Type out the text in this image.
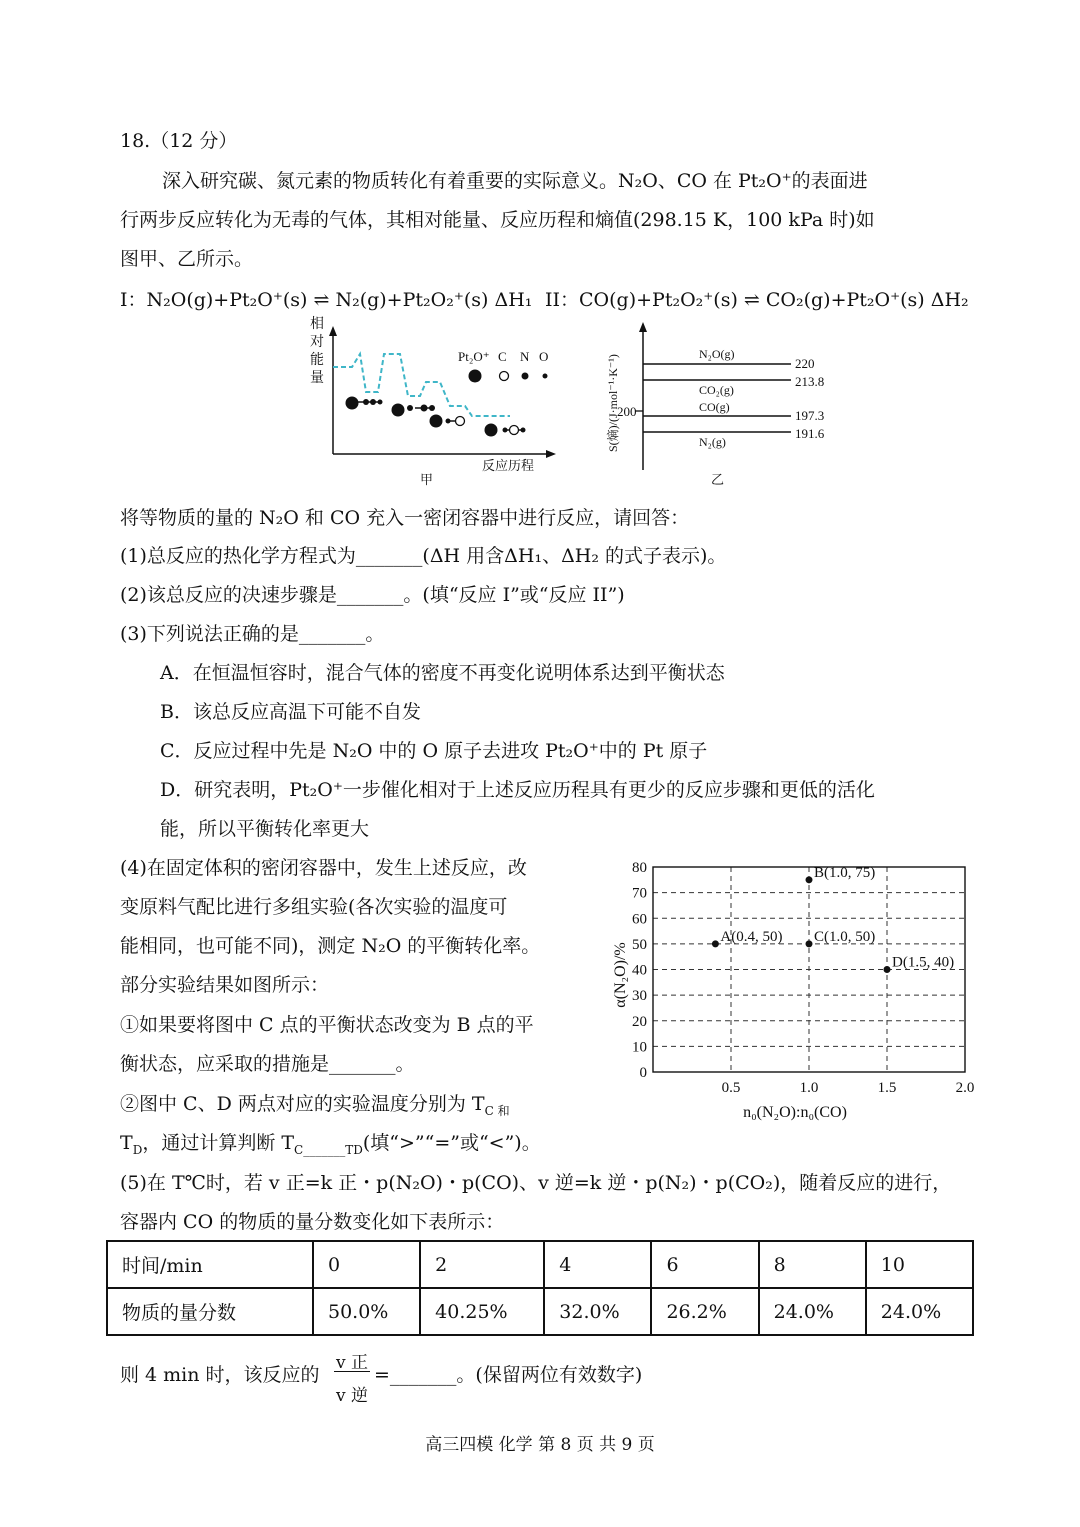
18.（12 分）
深入研究碳、氮元素的物质转化有着重要的实际意义。N₂O、CO 在 Pt₂O⁺的表面进
行两步反应转化为无毒的气体，其相对能量、反应历程和熵值(298.15 K，100 kPa 时)如
图甲、乙所示。
I：N₂O(g)+Pt₂O⁺(s) ⇌ N₂(g)+Pt₂O₂⁺(s) ΔH₁ II：CO(g)+Pt₂O₂⁺(s) ⇌ CO₂(g)+Pt₂O⁺(s) ΔH₂
相
对
能
量
Pt₂O⁺ C N O
反应历程
甲
S(熵)/(J·mol⁻¹·K⁻¹)
200
N₂O(g)
CO₂(g)
CO(g)
N₂(g)
220
213.8
197.3
191.6
乙
将等物质的量的 N₂O 和 CO 充入一密闭容器中进行反应，请回答：
(1)总反应的热化学方程式为_______(ΔH 用含ΔH₁、ΔH₂ 的式子表示)。
(2)该总反应的决速步骤是_______。(填“反应 I”或“反应 II”)
(3)下列说法正确的是_______。
A．在恒温恒容时，混合气体的密度不再变化说明体系达到平衡状态
B．该总反应高温下可能不自发
C．反应过程中先是 N₂O 中的 O 原子去进攻 Pt₂O⁺中的 Pt 原子
D．研究表明，Pt₂O⁺一步催化相对于上述反应历程具有更少的反应步骤和更低的活化
能，所以平衡转化率更大
(4)在固定体积的密闭容器中，发生上述反应，改
变原料气配比进行多组实验(各次实验的温度可
能相同，也可能不同)，测定 N₂O 的平衡转化率。
部分实验结果如图所示：
①如果要将图中 C 点的平衡状态改变为 B 点的平
衡状态，应采取的措施是_______。
②图中 C、D 两点对应的实验温度分别为 $T_{C 和}$
$T_D$，通过计算判断 $T_{C\_\_\_\_\_\_\_TD}$(填“>”“=”或“<”)。
0
10
20
30
40
50
60
70
80
0.5	1.0	1.5	2.0
A(0.4, 50)
B(1.0, 75)
C(1.0, 50)
D(1.5, 40)
n₀(N₂O):n₀(CO)
α(N₂O)/%
(5)在 T℃时，若 v 正=k 正・p(N₂O)・p(CO)、v 逆=k 逆・p(N₂)・p(CO₂)，随着反应的进行，
容器内 CO 的物质的量分数变化如下表所示：
时间/min	0	2	4	6	8	10
物质的量分数	50.0%	40.25%	32.0%	26.2%	24.0%	24.0%
则 4 min 时，该反应的
v 正
v 逆
=_______。(保留两位有效数字)
高三四模 化学 第 8 页 共 9 页
